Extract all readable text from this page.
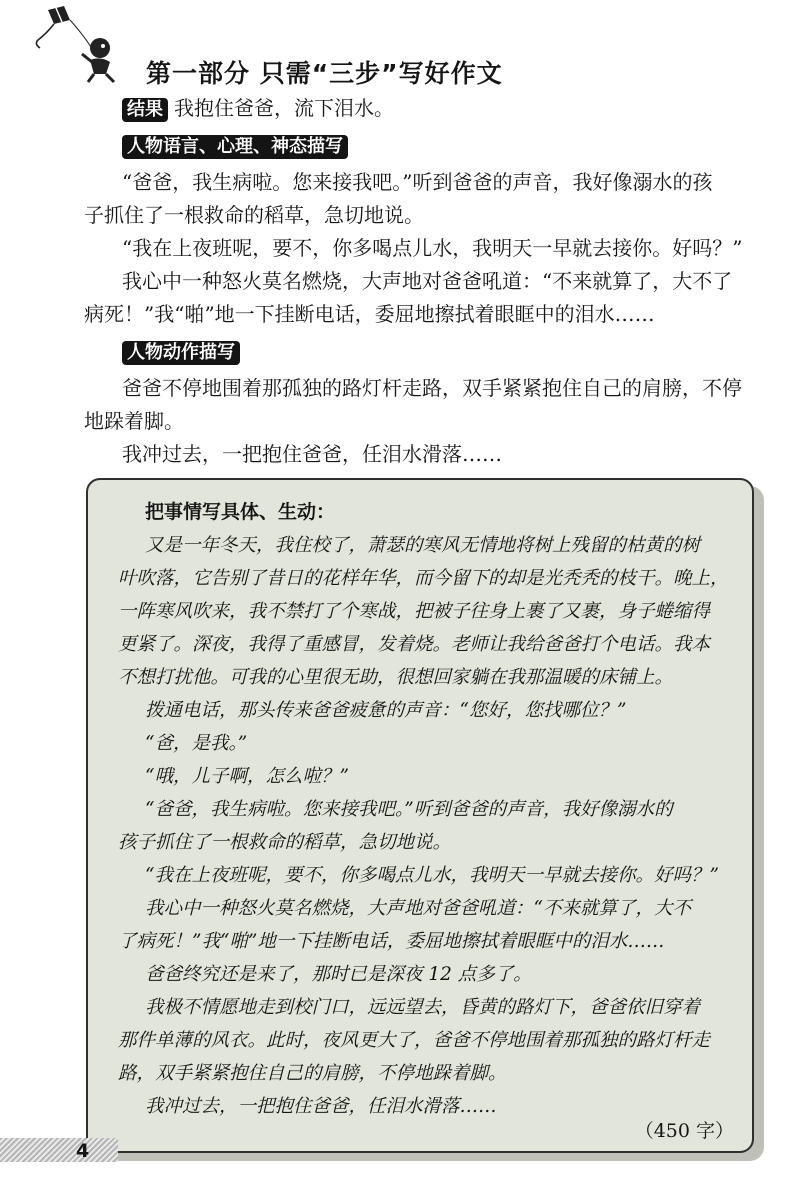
第一部分 只需“三步”写好作文
结果 我抱住爸爸，流下泪水。
人物语言、心理、神态描写
“爸爸，我生病啦。您来接我吧。”听到爸爸的声音，我好像溺水的孩
子抓住了一根救命的稻草，急切地说。
“我在上夜班呢，要不，你多喝点儿水，我明天一早就去接你。好吗？”
我心中一种怒火莫名燃烧，大声地对爸爸吼道：“不来就算了，大不了
病死！”我“啪”地一下挂断电话，委屈地擦拭着眼眶中的泪水……
人物动作描写
爸爸不停地围着那孤独的路灯杆走路，双手紧紧抱住自己的肩膀，不停
地跺着脚。
我冲过去，一把抱住爸爸，任泪水滑落……
把事情写具体、生动：
又是一年冬天，我住校了，萧瑟的寒风无情地将树上残留的枯黄的树
叶吹落，它告别了昔日的花样年华，而今留下的却是光秃秃的枝干。晚上，
一阵寒风吹来，我不禁打了个寒战，把被子往身上裹了又裹，身子蜷缩得
更紧了。深夜，我得了重感冒，发着烧。老师让我给爸爸打个电话。我本
不想打扰他。可我的心里很无助，很想回家躺在我那温暖的床铺上。
拨通电话，那头传来爸爸疲惫的声音：“您好，您找哪位？”
“爸，是我。”
“哦，儿子啊，怎么啦？”
“爸爸，我生病啦。您来接我吧。”听到爸爸的声音，我好像溺水的
孩子抓住了一根救命的稻草，急切地说。
“我在上夜班呢，要不，你多喝点儿水，我明天一早就去接你。好吗？”
我心中一种怒火莫名燃烧，大声地对爸爸吼道：“不来就算了，大不
了病死！”我“啪”地一下挂断电话，委屈地擦拭着眼眶中的泪水……
爸爸终究还是来了，那时已是深夜 12 点多了。
我极不情愿地走到校门口，远远望去，昏黄的路灯下，爸爸依旧穿着
那件单薄的风衣。此时，夜风更大了，爸爸不停地围着那孤独的路灯杆走
路，双手紧紧抱住自己的肩膀，不停地跺着脚。
我冲过去，一把抱住爸爸，任泪水滑落……
（450 字）
4
